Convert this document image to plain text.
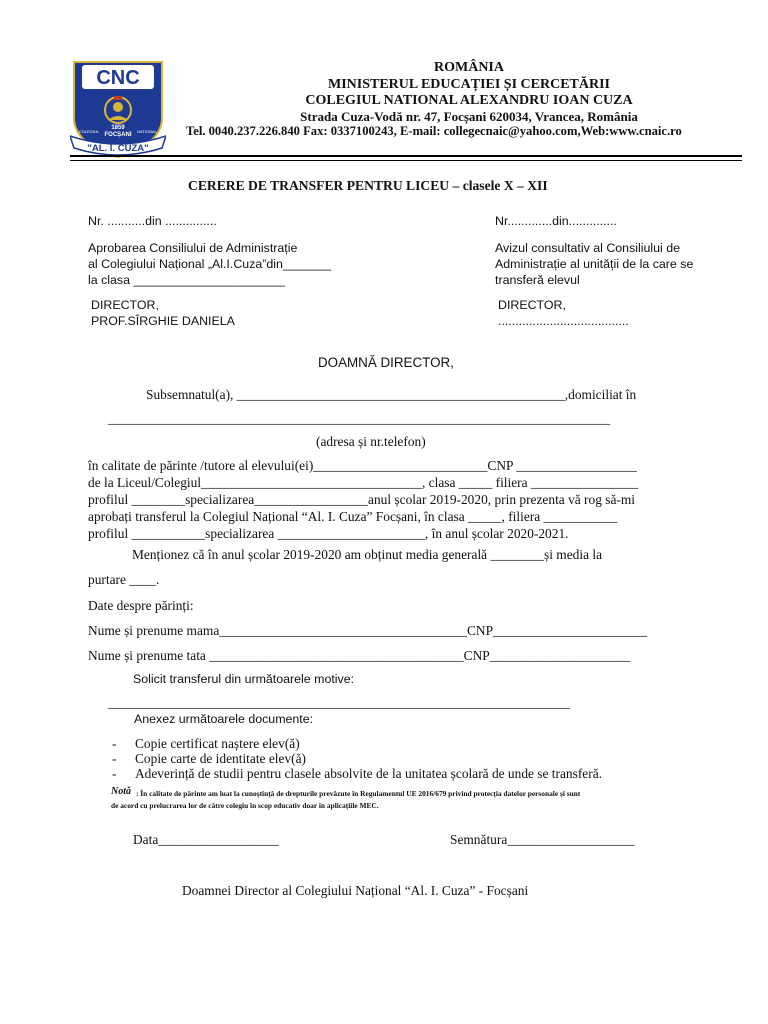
CNC
1859
FOCȘANI
COLEGIUL	NATIONAL
"AL. I. CUZA"
ROMÂNIA
MINISTERUL EDUCAȚIEI ȘI CERCETĂRII
COLEGIUL NATIONAL ALEXANDRU IOAN CUZA
Strada Cuza-Vodă nr. 47, Focșani 620034, Vrancea, România
Tel. 0040.237.226.840 Fax: 0337100243, E-mail: collegecnaic@yahoo.com,Web:www.cnaic.ro
CERERE DE TRANSFER PENTRU LICEU – clasele X – XII
Nr. ...........din ...............	Nr.............din..............
Aprobarea Consiliului de Administrație
al Colegiului Național „Al.I.Cuza”din_______
la clasa ______________________
Avizul consultativ al Consiliului de
Administrație al unității de la care se
transferă elevul
DIRECTOR,
PROF.SÎRGHIE DANIELA
DIRECTOR,
......................................
DOAMNĂ DIRECTOR,
Subsemnatul(a), _________________________________________________,domiciliat în
___________________________________________________________________________
(adresa și nr.telefon)
în calitate de părinte /tutore al elevului(ei)__________________________CNP __________________
de la Liceul/Colegiul_________________________________, clasa _____ filiera ________________
profilul ________specializarea_________________anul școlar 2019-2020, prin prezenta vă rog să-mi
aprobați transferul la Colegiul Național “Al. I. Cuza” Focșani, în clasa _____, filiera ___________
profilul ___________specializarea ______________________, în anul școlar 2020-2021.
Menționez că în anul școlar 2019-2020 am obținut media generală ________și media la
purtare ____.
Date despre părinți:
Nume și prenume mama_____________________________________CNP_______________________
Nume și prenume tata ______________________________________CNP_____________________
Solicit transferul din următoarele motive:
_____________________________________________________________________
Anexez următoarele documente:
- Copie certificat naștere elev(ă)
- Copie carte de identitate elev(ă)
- Adeverință de studii pentru clasele absolvite de la unitatea școlară de unde se transferă.
Notă : În calitate de părinte am luat la cunoștință de drepturile prevăzute în Regulamentul UE 2016/679 privind protecția datelor personale și sunt
de acord cu prelucrarea lor de către colegiu în scop educativ doar în aplicațiile MEC.
Data__________________	Semnătura___________________
Doamnei Director al Colegiului Național “Al. I. Cuza” - Focșani
